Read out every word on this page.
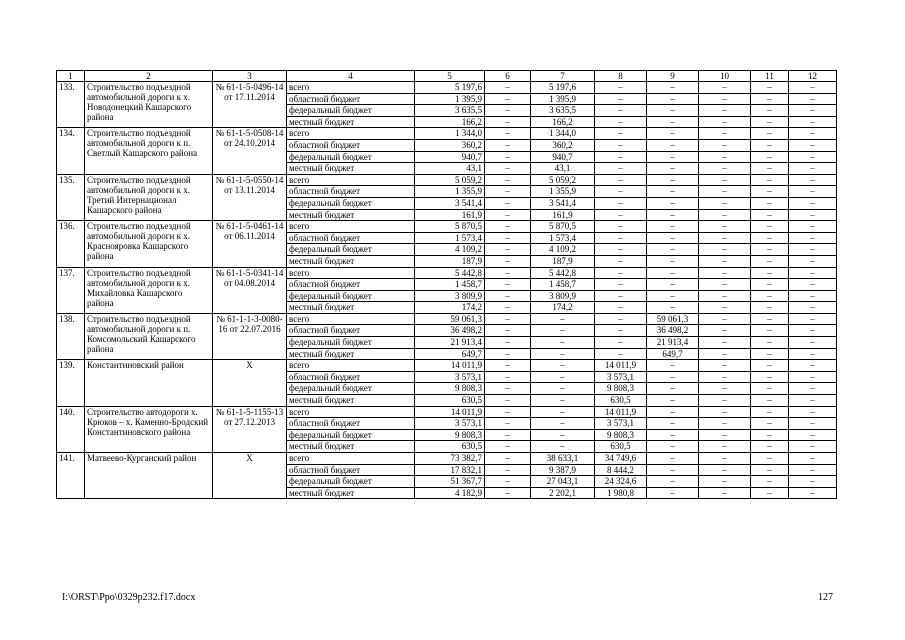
1	2	3	4	5	6	7	8	9	10	11	12
133.	Строительство подъездной автомобильной дороги к х. Новодонецкий Кашарского района	№ 61-1-5-0496-14 от 17.11.2014	всего	5 197,6	–	5 197,6	–	–	–	–	–
			областной бюджет	1 395,9	–	1 395,9	–	–	–	–	–
			федеральный бюджет	3 635,5	–	3 635,5	–	–	–	–	–
			местный бюджет	166,2	–	166,2	–	–	–	–	–
134.	Строительство подъездной автомобильной дороги к п. Светлый Кашарского района	№ 61-1-5-0508-14 от 24.10.2014	всего	1 344,0	–	1 344,0	–	–	–	–	–
			областной бюджет	360,2	–	360,2	–	–	–	–	–
			федеральный бюджет	940,7	–	940,7	–	–	–	–	–
			местный бюджет	43,1	–	43,1	–	–	–	–	–
135.	Строительство подъездной автомобильной дороги к х. Третий Интернационал Кашарского района	№ 61-1-5-0550-14 от 13.11.2014	всего	5 059,2	–	5 059,2	–	–	–	–	–
			областной бюджет	1 355,9	–	1 355,9	–	–	–	–	–
			федеральный бюджет	3 541,4	–	3 541,4	–	–	–	–	–
			местный бюджет	161,9	–	161,9	–	–	–	–	–
136.	Строительство подъездной автомобильной дороги к х. Краснояровка Кашарского района	№ 61-1-5-0461-14 от 06.11.2014	всего	5 870,5	–	5 870,5	–	–	–	–	–
			областной бюджет	1 573,4	–	1 573,4	–	–	–	–	–
			федеральный бюджет	4 109,2	–	4 109,2	–	–	–	–	–
			местный бюджет	187,9	–	187,9	–	–	–	–	–
137.	Строительство подъездной автомобильной дороги к х. Михайловка Кашарского района	№ 61-1-5-0341-14 от 04.08.2014	всего	5 442,8	–	5 442,8	–	–	–	–	–
			областной бюджет	1 458,7	–	1 458,7	–	–	–	–	–
			федеральный бюджет	3 809,9	–	3 809,9	–	–	–	–	–
			местный бюджет	174,2	–	174,2	–	–	–	–	–
138.	Строительство подъездной автомобильной дороги к п. Комсомольский Кашарского района	№ 61-1-1-3-0080-16 от 22.07.2016	всего	59 061,3	–	–	–	59 061,3	–	–	–
			областной бюджет	36 498,2	–	–	–	36 498,2	–	–	–
			федеральный бюджет	21 913,4	–	–	–	21 913,4	–	–	–
			местный бюджет	649,7	–	–	–	649,7	–	–	–
139.	Константиновский район	Х	всего	14 011,9	–	–	14 011,9	–	–	–	–
			областной бюджет	3 573,1	–	–	3 573,1	–	–	–	–
			федеральный бюджет	9 808,3	–	–	9 808,3	–	–	–	–
			местный бюджет	630,5	–	–	630,5	–	–	–	–
140.	Строительство автодороги х. Крюков – х. Каменно-Бродский Константиновского района	№ 61-1-5-1155-13 от 27.12.2013	всего	14 011,9	–	–	14 011,9	–	–	–	–
			областной бюджет	3 573,1	–	–	3 573,1	–	–	–	–
			федеральный бюджет	9 808,3	–	–	9 808,3	–	–	–	–
			местный бюджет	630,5	–	–	630,5	–	–	–	–
141.	Матвеево-Курганский район	Х	всего	73 382,7	–	38 633,1	34 749,6	–	–	–	–
			областной бюджет	17 832,1	–	9 387,9	8 444,2	–	–	–	–
			федеральный бюджет	51 367,7	–	27 043,1	24 324,6	–	–	–	–
			местный бюджет	4 182,9	–	2 202,1	1 980,8	–	–	–	–
I:\ORST\Ppo\0329p232.f17.docx	127
